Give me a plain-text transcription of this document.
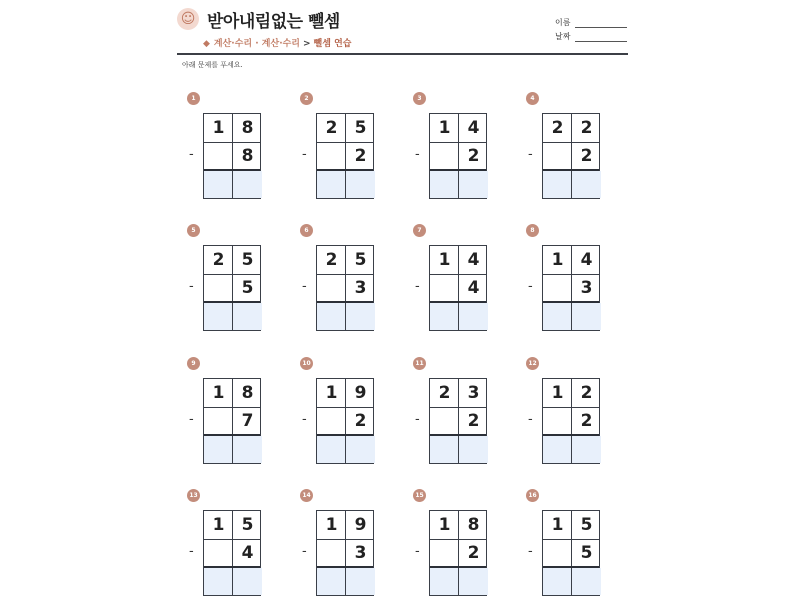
☺ 받아내림없는 뺄셈
◆ 계산·수리 · 계산·수리 > 뺄셈 연습
이름
날짜
아래 문제를 푸세요.
1
-
1	8
8
2
-
2	5
2
3
-
1	4
2
4
-
2	2
2
5
-
2	5
5
6
-
2	5
3
7
-
1	4
4
8
-
1	4
3
9
-
1	8
7
10
-
1	9
2
11
-
2	3
2
12
-
1	2
2
13
-
1	5
4
14
-
1	9
3
15
-
1	8
2
16
-
1	5
5
